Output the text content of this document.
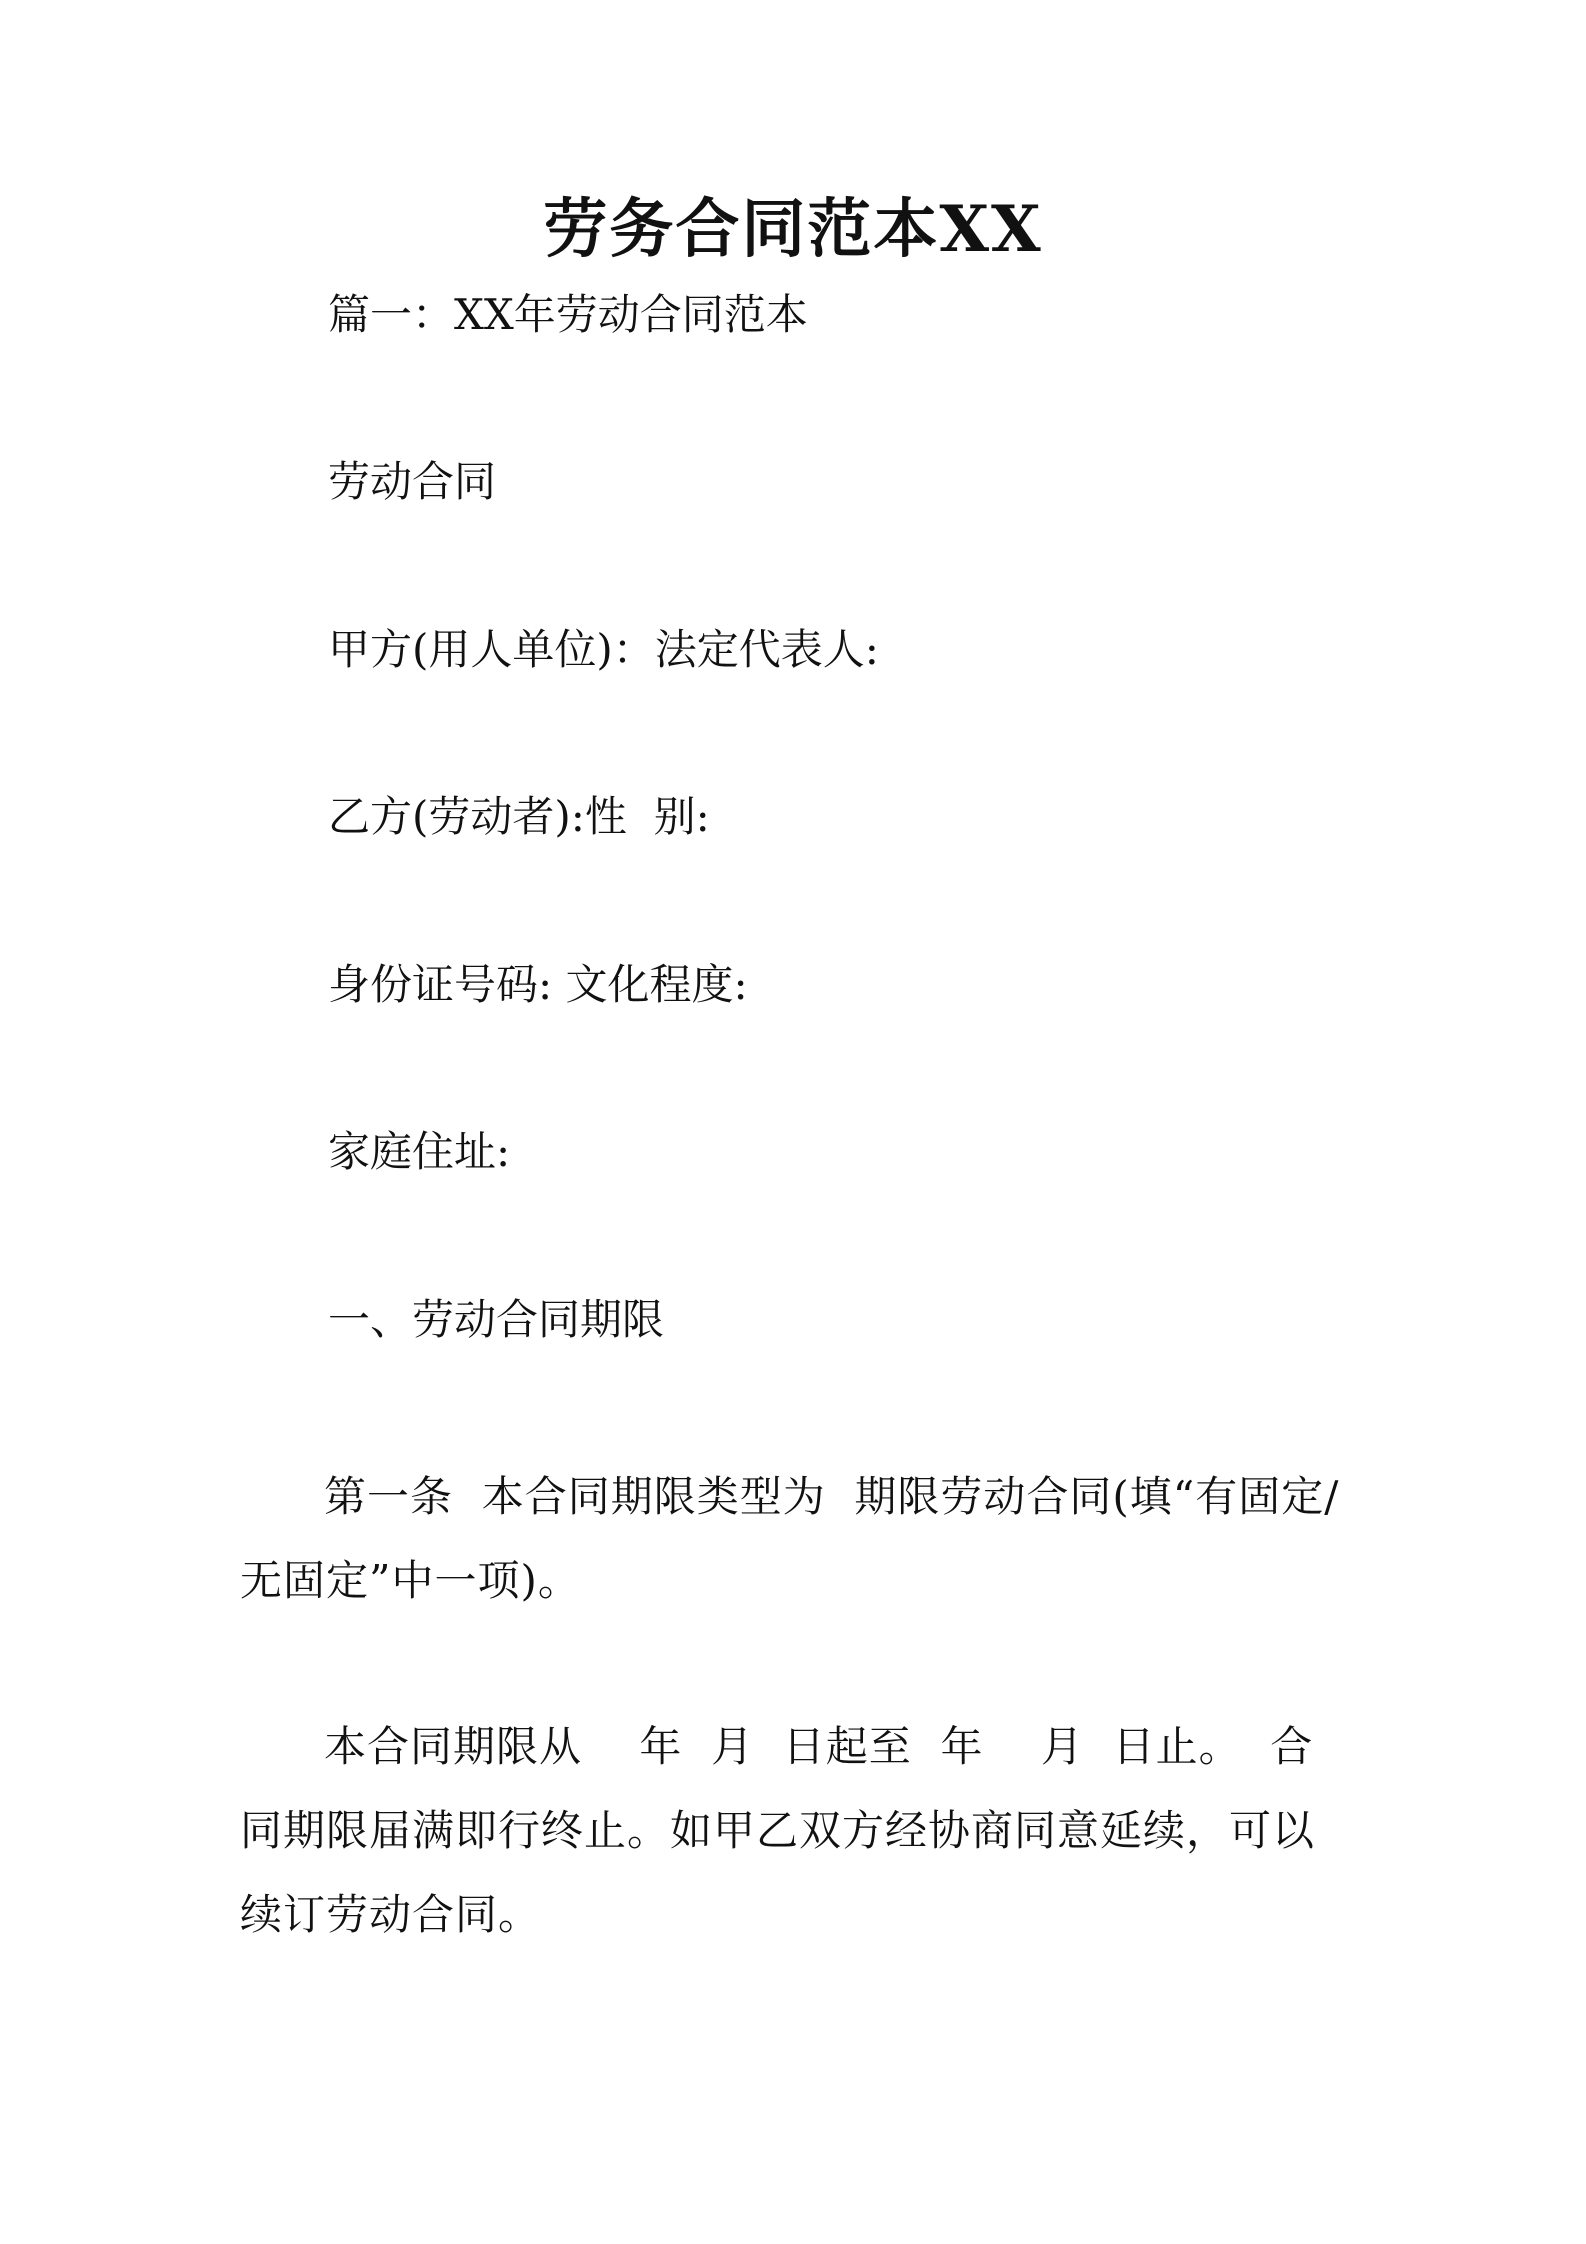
劳务合同范本XX
篇一：XX年劳动合同范本
劳动合同
甲方(用人单位)：法定代表人:
乙方(劳动者):性  别:
身份证号码: 文化程度:
家庭住址:
一、劳动合同期限
第一条  本合同期限类型为  期限劳动合同(填“有固定/无固定”中一项)。
本合同期限从    年  月  日起至  年    月  日止。  合同期限届满即行终止。如甲乙双方经协商同意延续，可以续订劳动合同。
